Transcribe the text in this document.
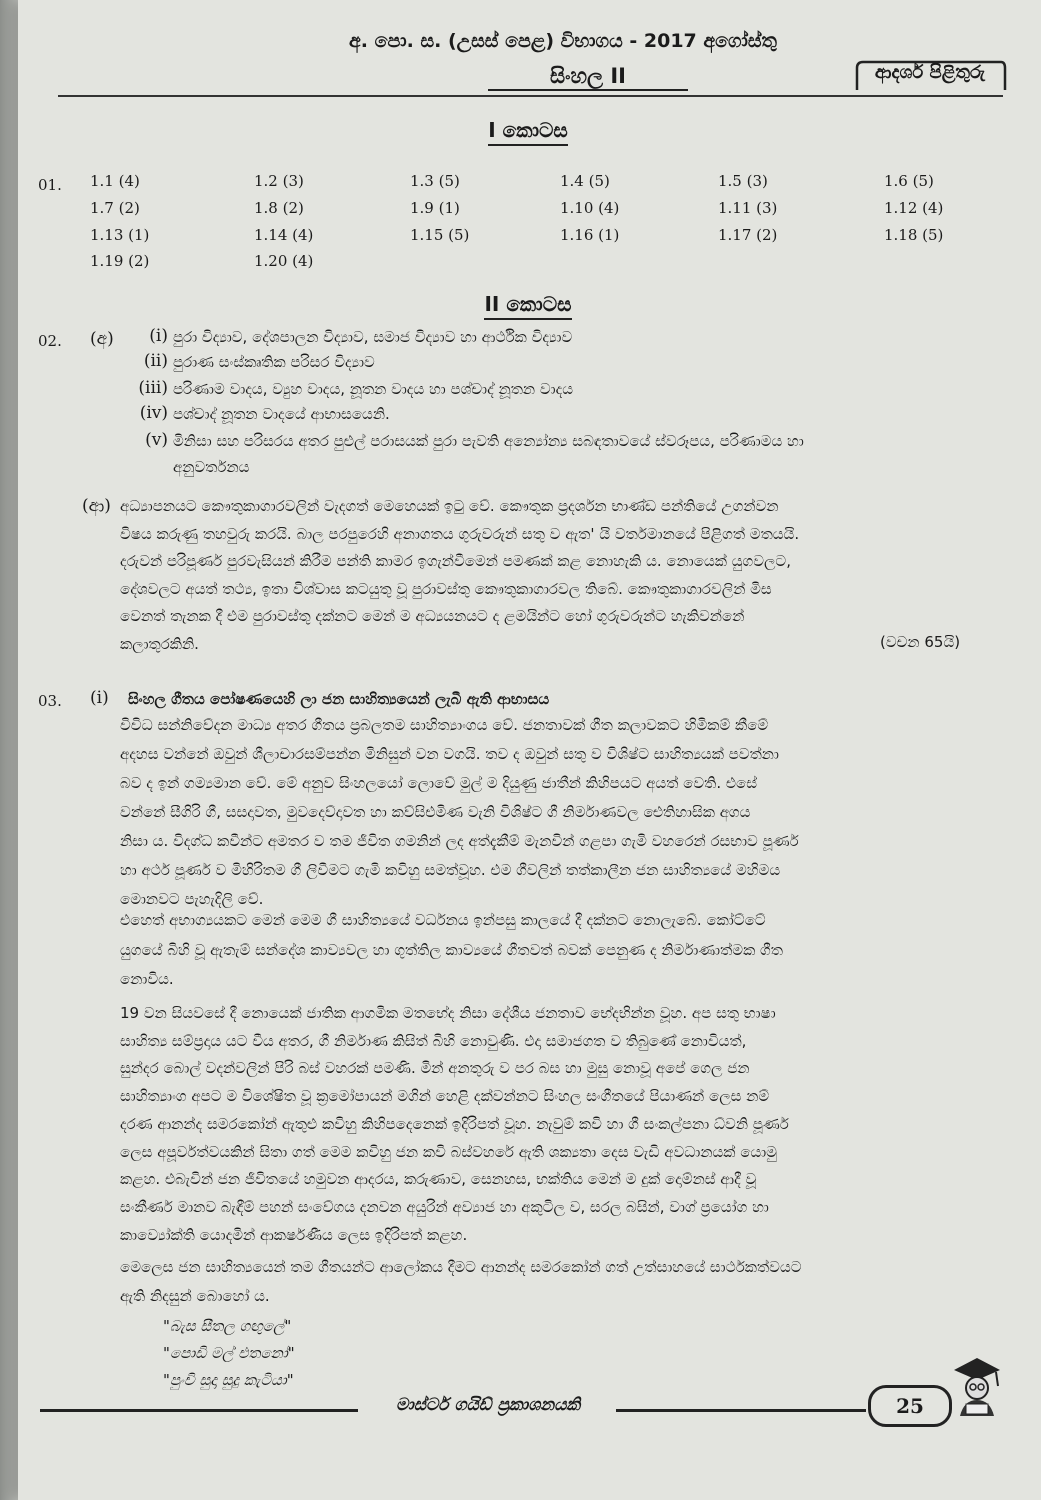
අ. පො. ස. (උසස් පෙළ) විභාගය - 2017 අගෝස්තු
සිංහල II	ආදර්ශ පිළිතුරු
I කොටස
01. 1.1 (4)	1.2 (3)	1.3 (5)	1.4 (5)	1.5 (3)	1.6 (5)
1.7 (2)	1.8 (2)	1.9 (1)	1.10 (4)	1.11 (3)	1.12 (4)
1.13 (1)	1.14 (4)	1.15 (5)	1.16 (1)	1.17 (2)	1.18 (5)
1.19 (2)	1.20 (4)
II කොටස
02. (අ)	(i) පුරා විද්‍යාව, දේශපාලන විද්‍යාව, සමාජ විද්‍යාව හා ආර්ථික විද්‍යාව
(ii) පුරාණ සංස්කෘතික පරිසර විද්‍යාව
(iii) පරිණාම වාදය, ව්‍යුහ වාදය, නූතන වාදය හා පශ්චාද් නූතන වාදය
(iv) පශ්චාද් නූතන වාදයේ ආභාසයෙනි.
(v) මිනිසා සහ පරිසරය අතර පුළුල් පරාසයක් පුරා පැවති අන්‍යෝන්‍ය සබඳතාවයේ ස්වරූපය, පරිණාමය හා
අනුවර්තනය
(ආ) අධ්‍යාපනයට කෞතුකාගාරවලින් වැදගත් මෙහෙයක් ඉටු වේ. කෞතුක ප්‍රදර්ශන භාණ්ඩ පන්තියේ උගන්වන
විෂය කරුණු තහවුරු කරයි. බාල පරපුරෙහි අනාගතය ගුරුවරුන් සතු ව ඇත' යි වර්තමානයේ පිළිගත් මතයයි.
දරුවන් පරිපූර්ණ පුරවැසියන් කිරීම පන්ති කාමර ඉගැන්වීමෙන් පමණක් කළ නොහැකි ය. නොයෙක් යුගවලට,
දේශවලට අයත් තථ්‍ය, ඉතා විශ්වාස කටයුතු වූ පුරාවස්තු කෞතුකාගාරවල තිබේ. කෞතුකාගාරවලින් මිස
වෙනත් තැනක දී එම පුරාවස්තු දක්නට මෙන් ම අධ්‍යයනයට ද ළමයින්ට හෝ ගුරුවරුන්ට හැකිවන්නේ
කලාතුරකිනි.	(වචන 65යි)
03. (i) සිංහල ගීතය පෝෂණයෙහි ලා ජන සාහිත්‍යයෙන් ලැබී ඇති ආභාසය
විවිධ සන්නිවේදන මාධ්‍ය අතර ගීතය ප්‍රබලතම සාහිත්‍යාංගය වේ. ජනතාවක් ගීත කලාවකට හිමිකම් කීමේ
අදහස වන්නේ ඔවුන් ශීලාචාරසම්පන්න මිනිසුන් වන වගයි. තව ද ඔවුන් සතු ව විශිෂ්ට සාහිත්‍යයක් පවත්නා
බව ද ඉන් ගම්‍යමාන වේ. මේ අනුව සිංහලයෝ ලොවේ මුල් ම දියුණු ජාතීන් කිහිපයට අයත් වෙති. එසේ
වන්නේ සීගිරි ගී, සසදාවත, මුවදෙව්දාවත හා කව්සිළුමිණ වැනි විශිෂ්ට ගී නිර්මාණවල ඓතිහාසික අගය
නිසා ය. විදග්ධ කවීන්ට අමතර ව තම ජීවිත ගමනින් ලද අත්දැකීම් මැනවින් ගළපා ගැමි වහරෙන් රසභාව පූර්ණ
හා අර්ථ පූර්ණ ව මිහිරිතම ගී ලිවීමට ගැමි කවිහු සමත්වූහ. එම ගීවලින් තත්කාලීන ජන සාහිත්‍යයේ මහිමය
මොනවට පැහැදිලි වේ.
එහෙත් අභාග්‍යයකට මෙන් මෙම ගී සාහිත්‍යයේ වර්ධනය ඉන්පසු කාලයේ දී දක්නට නොලැබේ. කෝට්ටේ
යුගයේ බිහි වූ ඇතැම් සන්දේශ කාව්‍යවල හා ගුත්තිල කාව්‍යයේ ගීතවත් බවක් පෙනුණ ද නිර්මාණාත්මක ගීත
නොවිය.
19 වන සියවසේ දී නොයෙක් ජාතික ආගමික මතභේද නිසා දේශීය ජනතාව භේදභින්න වූහ. අප සතු භාෂා
සාහිත්‍ය සම්ප්‍රදාය යට වීය අතර, ගී නිර්මාණ කිසිත් බිහි නොවුණි. එදා සමාජගත ව තිබුණේ නොවියත්,
සුන්දර බොල් වදන්වලින් පිරි බස් වහරක් පමණි. මින් අනතුරු ව පර බස හා මුසු නොවූ අපේ ගෙල ජන
සාහිත්‍යාංග අපට ම විශේෂිත වූ ක්‍රමෝපායන් මගින් හෙළි දක්වන්නට සිංහල සංගීතයේ පියාණන් ලෙස නම්
දරණ ආනන්ද සමරකෝන් ඇතුළු කවිහු කිහිපදෙනෙක් ඉදිරිපත් වූහ. නැවුම් කවි හා ගී සංකල්පනා ධ්වනි පූර්ණ
ලෙස අපූර්වත්වයකින් සිතා ගත් මෙම කවිහු ජන කවි බස්වහරේ ඇති ශක්‍යතා දෙස වැඩි අවධානයක් යොමු
කළහ. එබැවින් ජන ජීවිතයේ හමුවන ආදරය, කරුණාව, සෙනහස, භක්තිය මෙන් ම දුක් දොම්නස් ආදී වූ
සංකීර්ණ මානව බැඳීම් පහන් සංවේගය දනවන අයුරින් අව්‍යාජ හා අකුටිල ව, සරල බසින්, වාග් ප්‍රයෝග හා
කාව්‍යෝක්ති යොදමින් ආකර්ෂණීය ලෙස ඉදිරිපත් කළහ.
මෙලෙස ජන සාහිත්‍යයෙන් තම ගීතයන්ට ආලෝකය දීමට ආනන්ද සමරකෝන් ගත් උත්සාහයේ සාර්ථකත්වයට
ඇති නිදසුන් බොහෝ ය.
"බැස සීතල ගඟුලේ"
"පොඩි මල් එතනෝ"
"පුංචි සුදා සුදු කැටියා"
මාස්ටර් ගයිඩ් ප්‍රකාශනයකි	25
